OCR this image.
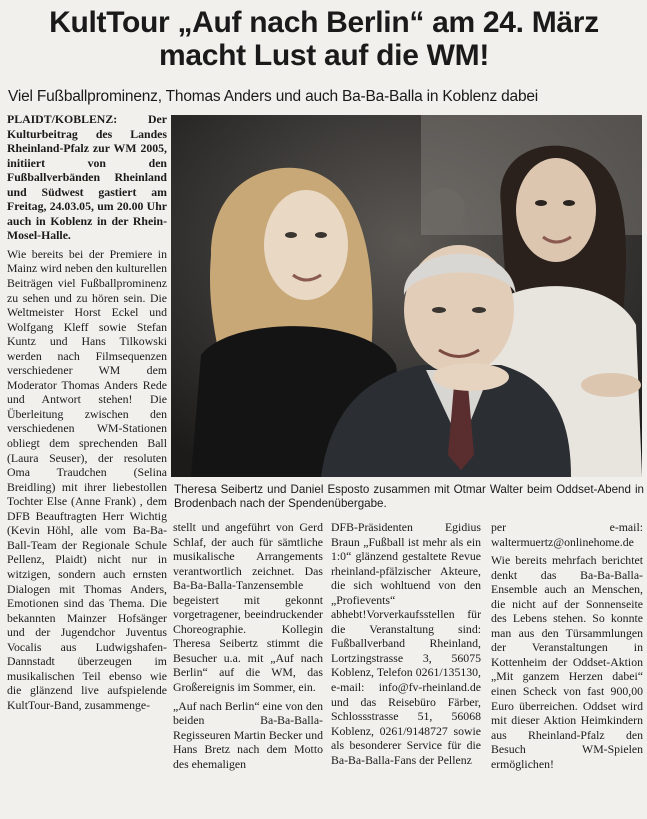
KultTour „Auf nach Berlin“ am 24. März macht Lust auf die WM!
Viel Fußballprominenz, Thomas Anders und auch Ba-Ba-Balla in Koblenz dabei

PLAIDT/KOBLENZ: Der Kulturbeitrag des Landes Rheinland-Pfalz zur WM 2005, initiiert von den Fußballverbänden Rheinland und Südwest gastiert am Freitag, 24.03.05, um 20.00 Uhr auch in Koblenz in der Rhein-Mosel-Halle.

Wie bereits bei der Premiere in Mainz wird neben den kulturellen Beiträgen viel Fußballprominenz zu sehen und zu hören sein. Die Weltmeister Horst Eckel und Wolfgang Kleff sowie Stefan Kuntz und Hans Tilkowski werden nach Filmsequenzen verschiedener WM dem Moderator Thomas Anders Rede und Antwort stehen! Die Überleitung zwischen den verschiedenen WM-Stationen obliegt dem sprechenden Ball (Laura Seuser), der resoluten Oma Traudchen (Selina Breidling) mit ihrer liebestollen Tochter Else (Anne Frank) , dem DFB Beauftragten Herr Wichtig (Kevin Höhl, alle vom Ba-Ba-Ball-Team der Regionale Schule Pellenz, Plaidt) nicht nur in witzigen, sondern auch ernsten Dialogen mit Thomas Anders, Emotionen sind das Thema. Die bekannten Mainzer Hofsänger und der Jugendchor Juventus Vocalis aus Ludwigshafen-Dannstadt überzeugen im musikalischen Teil ebenso wie die glänzend live aufspielende KultTour-Band, zusammenge-

Theresa Seibertz und Daniel Esposto zusammen mit Otmar Walter beim Oddset-Abend in Brodenbach nach der Spendenübergabe.

stellt und angeführt von Gerd Schlaf, der auch für sämtliche musikalische Arrangements verantwortlich zeichnet. Das Ba-Ba-Balla-Tanzensemble begeistert mit gekonnt vorgetragener, beeindruckender Choreographie. Kollegin Theresa Seibertz stimmt die Besucher u.a. mit „Auf nach Berlin“ auf die WM, das Großereignis im Sommer, ein.

„Auf nach Berlin“ eine von den beiden Ba-Ba-Balla-Regisseuren Martin Becker und Hans Bretz nach dem Motto des ehemaligen

DFB-Präsidenten Egidius Braun „Fußball ist mehr als ein 1:0“ glänzend gestaltete Revue rheinland-pfälzischer Akteure, die sich wohltuend von den „Profievents“ abhebt!Vorverkaufsstellen für die Veranstaltung sind: Fußballverband Rheinland, Lortzingstrasse 3, 56075 Koblenz, Telefon 0261/135130, e-mail: info@fv-rheinland.de und das Reisebüro Färber, Schlossstrasse 51, 56068 Koblenz, 0261/9148727 sowie als besonderer Service für die Ba-Ba-Balla-Fans der Pellenz

per e-mail: waltermuertz@onlinehome.de

Wie bereits mehrfach berichtet denkt das Ba-Ba-Balla-Ensemble auch an Menschen, die nicht auf der Sonnenseite des Lebens stehen. So konnte man aus den Türsammlungen der Veranstaltungen in Kottenheim der Oddset-Aktion „Mit ganzem Herzen dabei“ einen Scheck von fast 900,00 Euro überreichen. Oddset wird mit dieser Aktion Heimkindern aus Rheinland-Pfalz den Besuch WM-Spielen ermöglichen!
